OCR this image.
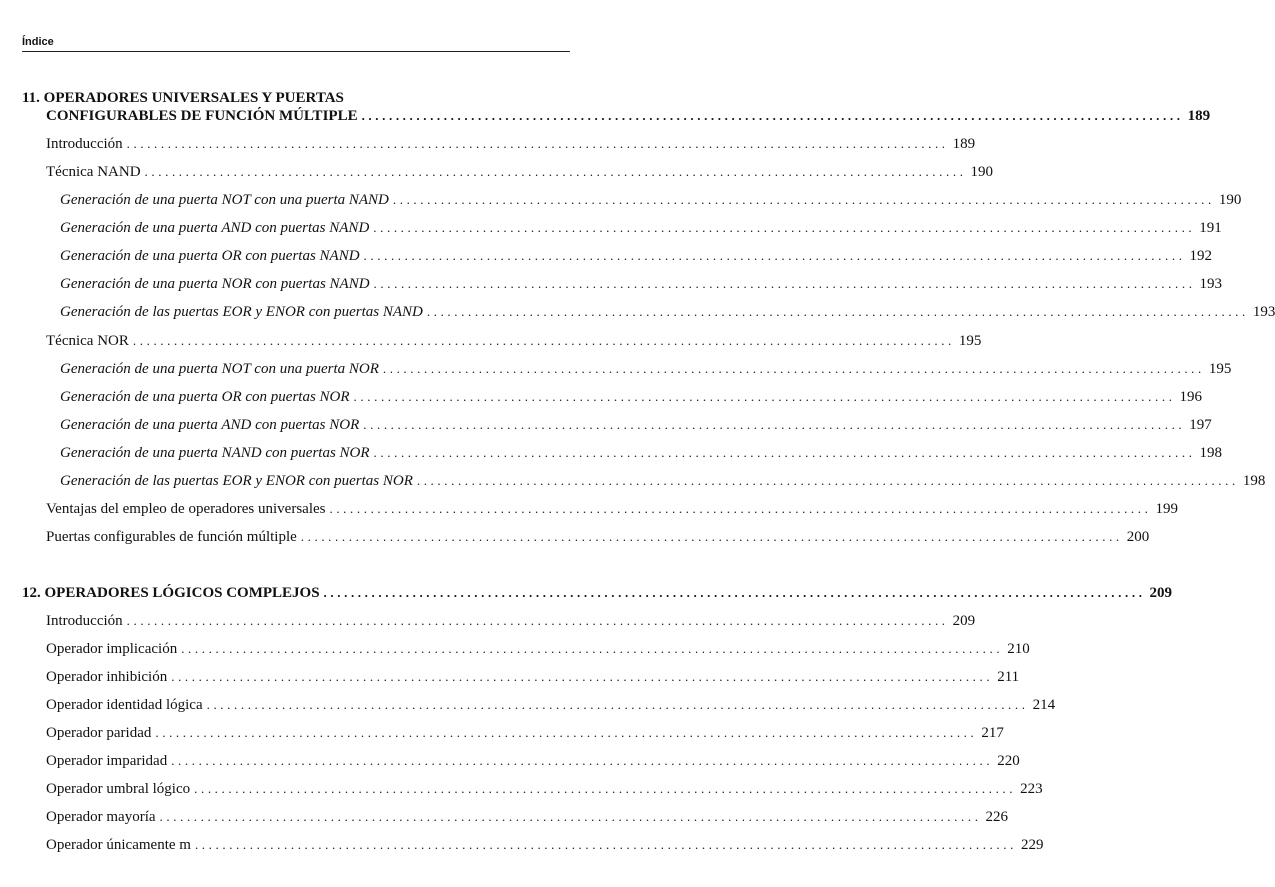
Índice
11. OPERADORES UNIVERSALES Y PUERTAS
CONFIGURABLES DE FUNCIÓN MÚLTIPLE ........................................................................................................................ 189
Introducción ........................................................................................................................ 189
Técnica NAND ........................................................................................................................ 190
Generación de una puerta NOT con una puerta NAND ........................................................................................................................ 190
Generación de una puerta AND con puertas NAND ........................................................................................................................ 191
Generación de una puerta OR con puertas NAND ........................................................................................................................ 192
Generación de una puerta NOR con puertas NAND ........................................................................................................................ 193
Generación de las puertas EOR y ENOR con puertas NAND ........................................................................................................................ 193
Técnica NOR ........................................................................................................................ 195
Generación de una puerta NOT con una puerta NOR ........................................................................................................................ 195
Generación de una puerta OR con puertas NOR ........................................................................................................................ 196
Generación de una puerta AND con puertas NOR ........................................................................................................................ 197
Generación de una puerta NAND con puertas NOR ........................................................................................................................ 198
Generación de las puertas EOR y ENOR con puertas NOR ........................................................................................................................ 198
Ventajas del empleo de operadores universales ........................................................................................................................ 199
Puertas configurables de función múltiple ........................................................................................................................ 200
12. OPERADORES LÓGICOS COMPLEJOS ........................................................................................................................ 209
Introducción ........................................................................................................................ 209
Operador implicación ........................................................................................................................ 210
Operador inhibición ........................................................................................................................ 211
Operador identidad lógica ........................................................................................................................ 214
Operador paridad ........................................................................................................................ 217
Operador imparidad ........................................................................................................................ 220
Operador umbral lógico ........................................................................................................................ 223
Operador mayoría ........................................................................................................................ 226
Operador únicamente m ........................................................................................................................ 229
